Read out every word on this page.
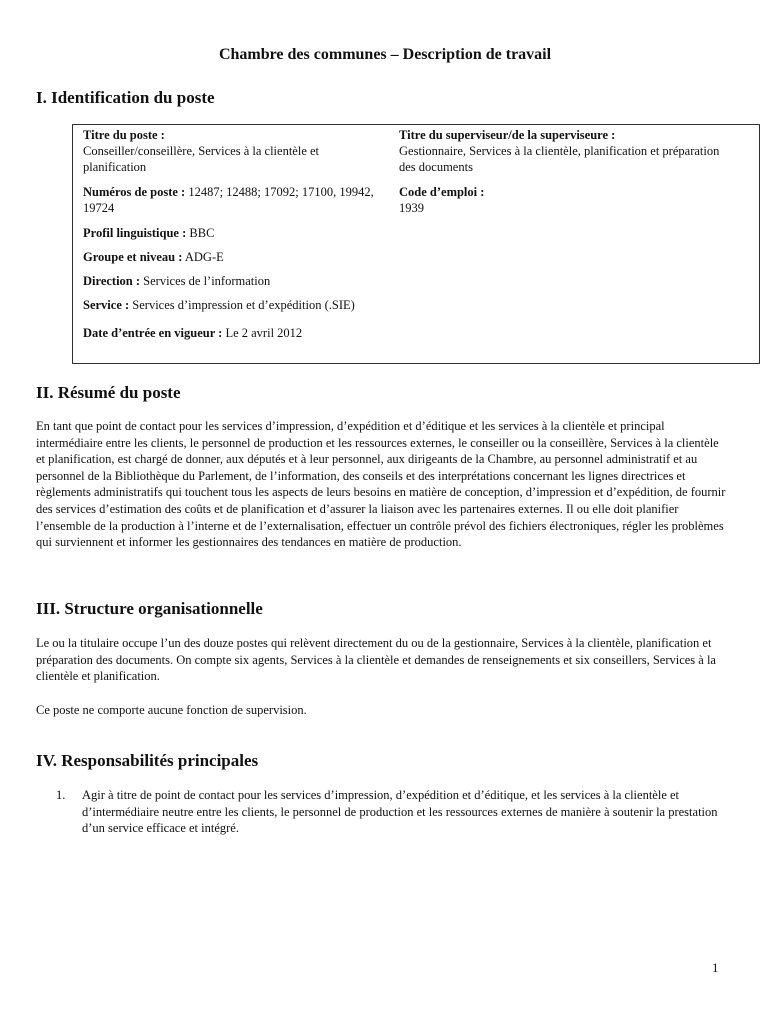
Chambre des communes – Description de travail
I. Identification du poste
Titre du poste :
Conseiller/conseillère, Services à la clientèle et planification
Numéros de poste : 12487; 12488; 17092; 17100, 19942, 19724
Profil linguistique : BBC
Groupe et niveau : ADG-E
Direction : Services de l’information
Service : Services d’impression et d’expédition (.SIE)
Date d’entrée en vigueur : Le 2 avril 2012
Titre du superviseur/de la superviseure :
Gestionnaire, Services à la clientèle, planification et préparation des documents
Code d’emploi :
1939
II. Résumé du poste

En tant que point de contact pour les services d’impression, d’expédition et d’éditique et les services à la clientèle et principal intermédiaire entre les clients, le personnel de production et les ressources externes, le conseiller ou la conseillère, Services à la clientèle et planification, est chargé de donner, aux députés et à leur personnel, aux dirigeants de la Chambre, au personnel administratif et au personnel de la Bibliothèque du Parlement, de l’information, des conseils et des interprétations concernant les lignes directrices et règlements administratifs qui touchent tous les aspects de leurs besoins en matière de conception, d’impression et d’expédition, de fournir des services d’estimation des coûts et de planification et d’assurer la liaison avec les partenaires externes. Il ou elle doit planifier l’ensemble de la production à l’interne et de l’externalisation, effectuer un contrôle prévol des fichiers électroniques, régler les problèmes qui surviennent et informer les gestionnaires des tendances en matière de production.

III. Structure organisationnelle

Le ou la titulaire occupe l’un des douze postes qui relèvent directement du ou de la gestionnaire, Services à la clientèle, planification et préparation des documents. On compte six agents, Services à la clientèle et demandes de renseignements et six conseillers, Services à la clientèle et planification.

Ce poste ne comporte aucune fonction de supervision.

IV. Responsabilités principales
1.	Agir à titre de point de contact pour les services d’impression, d’expédition et d’éditique, et les services à la clientèle et d’intermédiaire neutre entre les clients, le personnel de production et les ressources externes de manière à soutenir la prestation d’un service efficace et intégré.
1
